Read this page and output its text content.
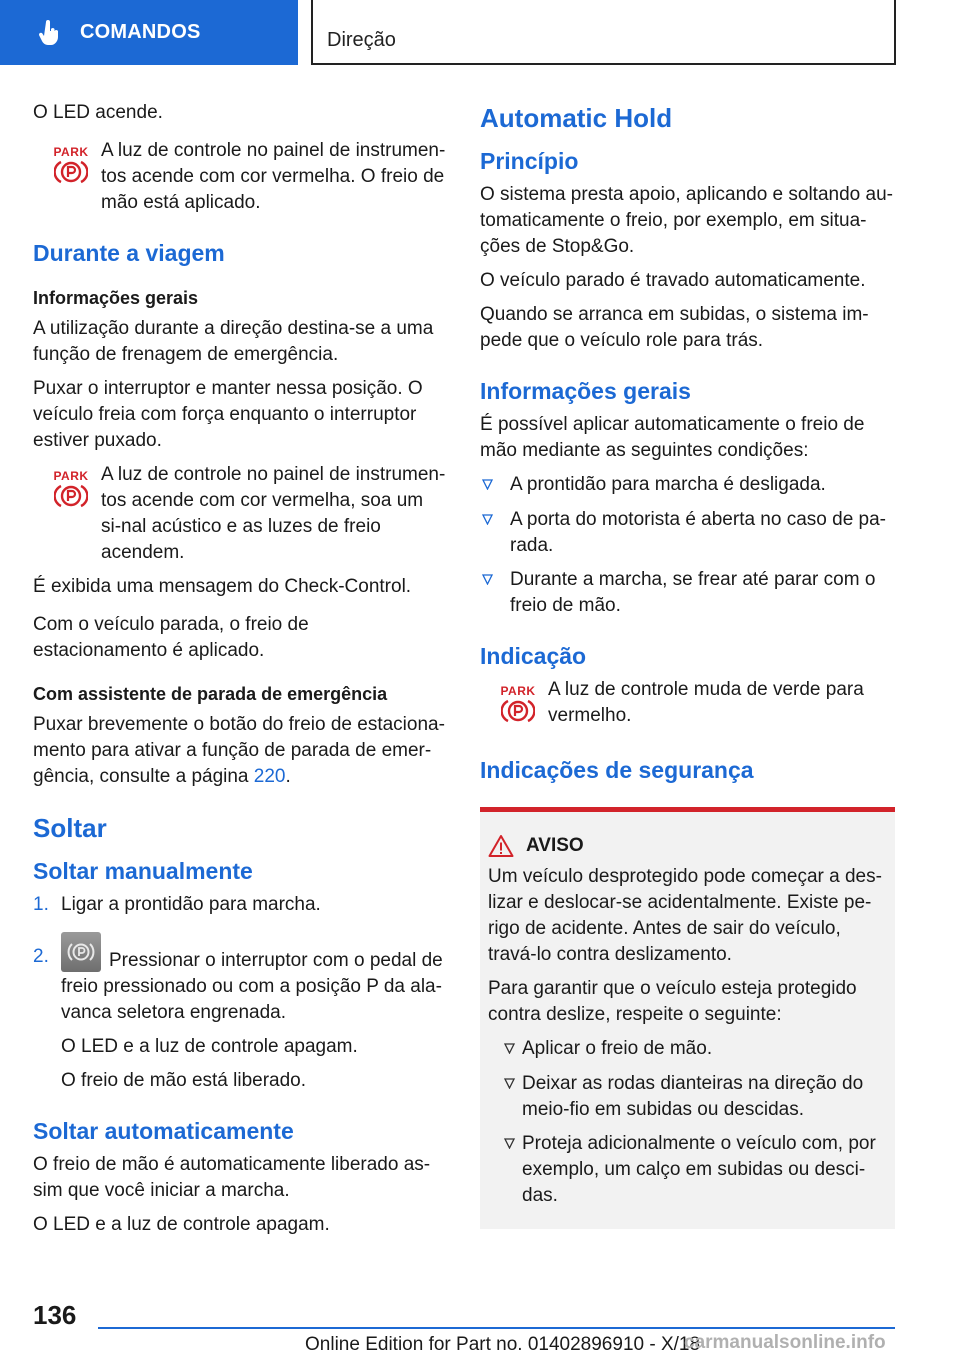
COMANDOS	Direção

O LED acende.

PARK A luz de controle no painel de instrumen-tos acende com cor vermelha. O freio de mão está aplicado.

Durante a viagem
Informações gerais

A utilização durante a direção destina-se a uma função de frenagem de emergência.

Puxar o interruptor e manter nessa posição. O veículo freia com força enquanto o interruptor estiver puxado.

PARK A luz de controle no painel de instrumen-tos acende com cor vermelha, soa um si-nal acústico e as luzes de freio acendem.

É exibida uma mensagem do Check-Control.

Com o veículo parada, o freio de estacionamento é aplicado.

Com assistente de parada de emergência

Puxar brevemente o botão do freio de estaciona-mento para ativar a função de parada de emer-gência, consulte a página 220.

Soltar
Soltar manualmente
1. Ligar a prontidão para marcha.
2.	Pressionar o interruptor com o pedal de freio pressionado ou com a posição P da ala-vanca seletora engrenada.
O LED e a luz de controle apagam.
O freio de mão está liberado.
Soltar automaticamente

O freio de mão é automaticamente liberado as-sim que você iniciar a marcha.

O LED e a luz de controle apagam.

Automatic Hold
Princípio

O sistema presta apoio, aplicando e soltando au-tomaticamente o freio, por exemplo, em situa-ções de Stop&Go.

O veículo parado é travado automaticamente.

Quando se arranca em subidas, o sistema im-pede que o veículo role para trás.

Informações gerais

É possível aplicar automaticamente o freio de mão mediante as seguintes condições:

A prontidão para marcha é desligada.
A porta do motorista é aberta no caso de pa-rada.
Durante a marcha, se frear até parar com o freio de mão.
Indicação
PARK A luz de controle muda de verde para vermelho.

Indicações de segurança
AVISO

Um veículo desprotegido pode começar a des-lizar e deslocar-se acidentalmente. Existe pe-rigo de acidente. Antes de sair do veículo, travá-lo contra deslizamento.

Para garantir que o veículo esteja protegido contra deslize, respeite o seguinte:

Aplicar o freio de mão.
Deixar as rodas dianteiras na direção do meio-fio em subidas ou descidas.
Proteja adicionalmente o veículo com, por exemplo, um calço em subidas ou desci-das.
136
Online Edition for Part no. 01402896910 - X/18
carmanualsonline.info
